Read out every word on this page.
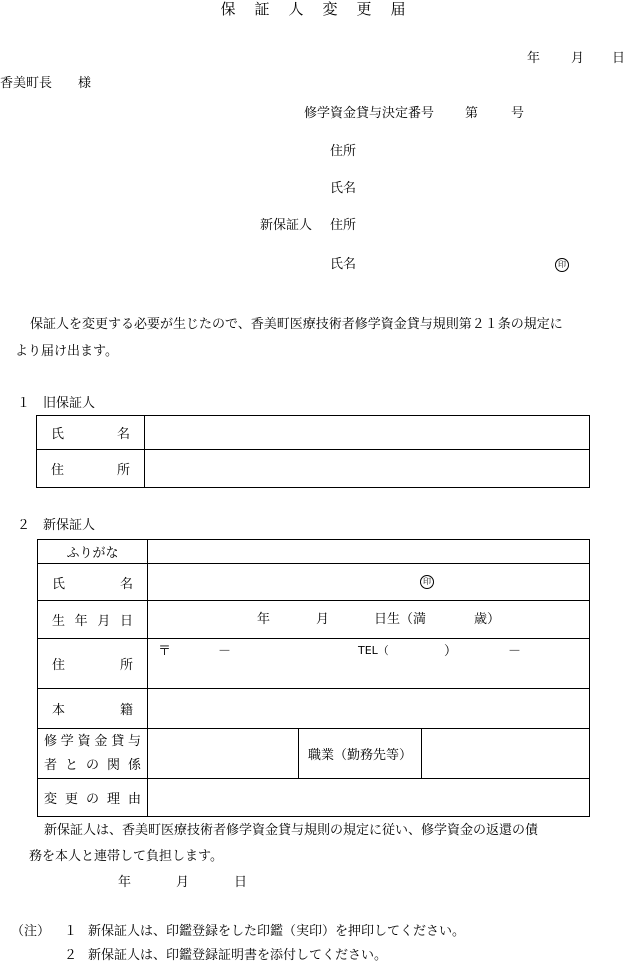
保　証　人　変　更　届
年 月 日
香美町長　　様
修学資金貸与決定番号 第	号
住所
氏名
新保証人 住所
氏名	印
保証人を変更する必要が生じたので、香美町医療技術者修学資金貸与規則第２１条の規定に
より届け出ます。
１ 旧保証人
氏　名	
住　所	
２ 新保証人
ふりがな			
氏　名	印		

生年月日	年 月 日生（満 歳）		

住　所	〒 － TEL（ ） －		

本　籍			

修学資金貸与
者との関係		職業（勤務先等）	
変更の理由			
新保証人は、香美町医療技術者修学資金貸与規則の規定に従い、修学資金の返還の債
務を本人と連帯して負担します。
年	月	日
（注） １ 新保証人は、印鑑登録をした印鑑（実印）を押印してください。
２ 新保証人は、印鑑登録証明書を添付してください。
